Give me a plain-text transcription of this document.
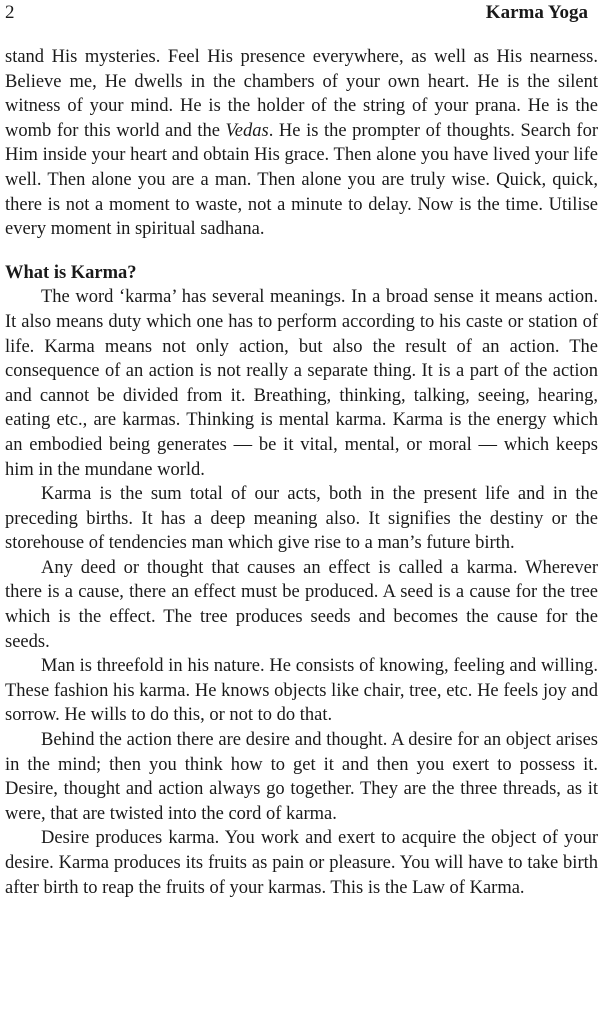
2	Karma Yoga

stand His mysteries. Feel His presence everywhere, as well as His nearness. Believe me, He dwells in the chambers of your own heart. He is the silent witness of your mind. He is the holder of the string of your prana. He is the womb for this world and the Vedas. He is the prompter of thoughts. Search for Him inside your heart and obtain His grace. Then alone you have lived your life well. Then alone you are a man. Then alone you are truly wise. Quick, quick, there is not a moment to waste, not a minute to delay. Now is the time. Utilise every moment in spiritual sadhana.

What is Karma?

The word ‘karma’ has several meanings. In a broad sense it means action. It also means duty which one has to perform according to his caste or station of life. Karma means not only action, but also the result of an action. The consequence of an action is not really a separate thing. It is a part of the action and cannot be divided from it. Breathing, thinking, talking, seeing, hearing, eating etc., are karmas. Thinking is mental karma. Karma is the energy which an embodied being generates — be it vital, mental, or moral — which keeps him in the mundane world.

Karma is the sum total of our acts, both in the present life and in the preceding births. It has a deep meaning also. It signifies the destiny or the storehouse of tendencies man which give rise to a man’s future birth.

Any deed or thought that causes an effect is called a karma. Wherever there is a cause, there an effect must be produced. A seed is a cause for the tree which is the effect. The tree produces seeds and becomes the cause for the seeds.

Man is threefold in his nature. He consists of knowing, feeling and willing. These fashion his karma. He knows objects like chair, tree, etc. He feels joy and sorrow. He wills to do this, or not to do that.

Behind the action there are desire and thought. A desire for an object arises in the mind; then you think how to get it and then you exert to possess it. Desire, thought and action always go together. They are the three threads, as it were, that are twisted into the cord of karma.

Desire produces karma. You work and exert to acquire the object of your desire. Karma produces its fruits as pain or pleasure. You will have to take birth after birth to reap the fruits of your karmas. This is the Law of Karma.
